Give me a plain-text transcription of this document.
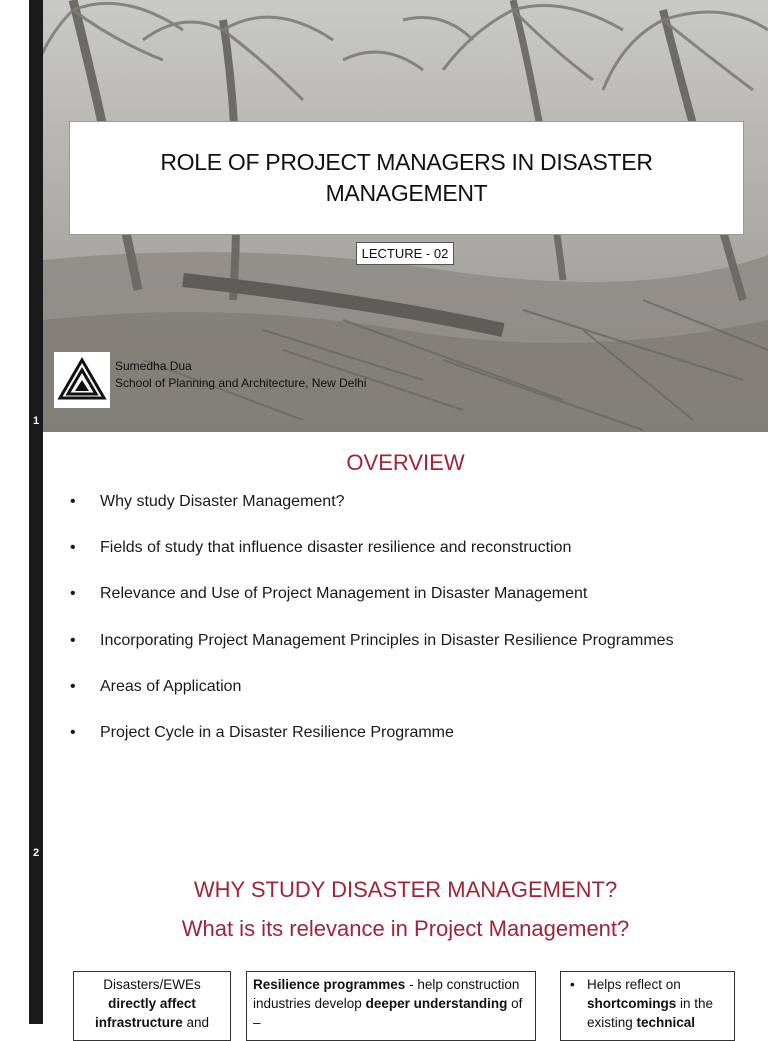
ROLE OF PROJECT MANAGERS IN DISASTER MANAGEMENT
LECTURE - 02
Sumedha Dua
School of Planning and Architecture, New Delhi
1
OVERVIEW
• Why study Disaster Management?
• Fields of study that influence disaster resilience and reconstruction
• Relevance and Use of Project Management in Disaster Management
• Incorporating Project Management Principles in Disaster Resilience Programmes
• Areas of Application
• Project Cycle in a Disaster Resilience Programme
2
WHY STUDY DISASTER MANAGEMENT?
What is its relevance in Project Management?
Disasters/EWEs
directly affect
infrastructure and
Resilience programmes - help construction industries develop deeper understanding of –
• Helps reflect on shortcomings in the existing technical
